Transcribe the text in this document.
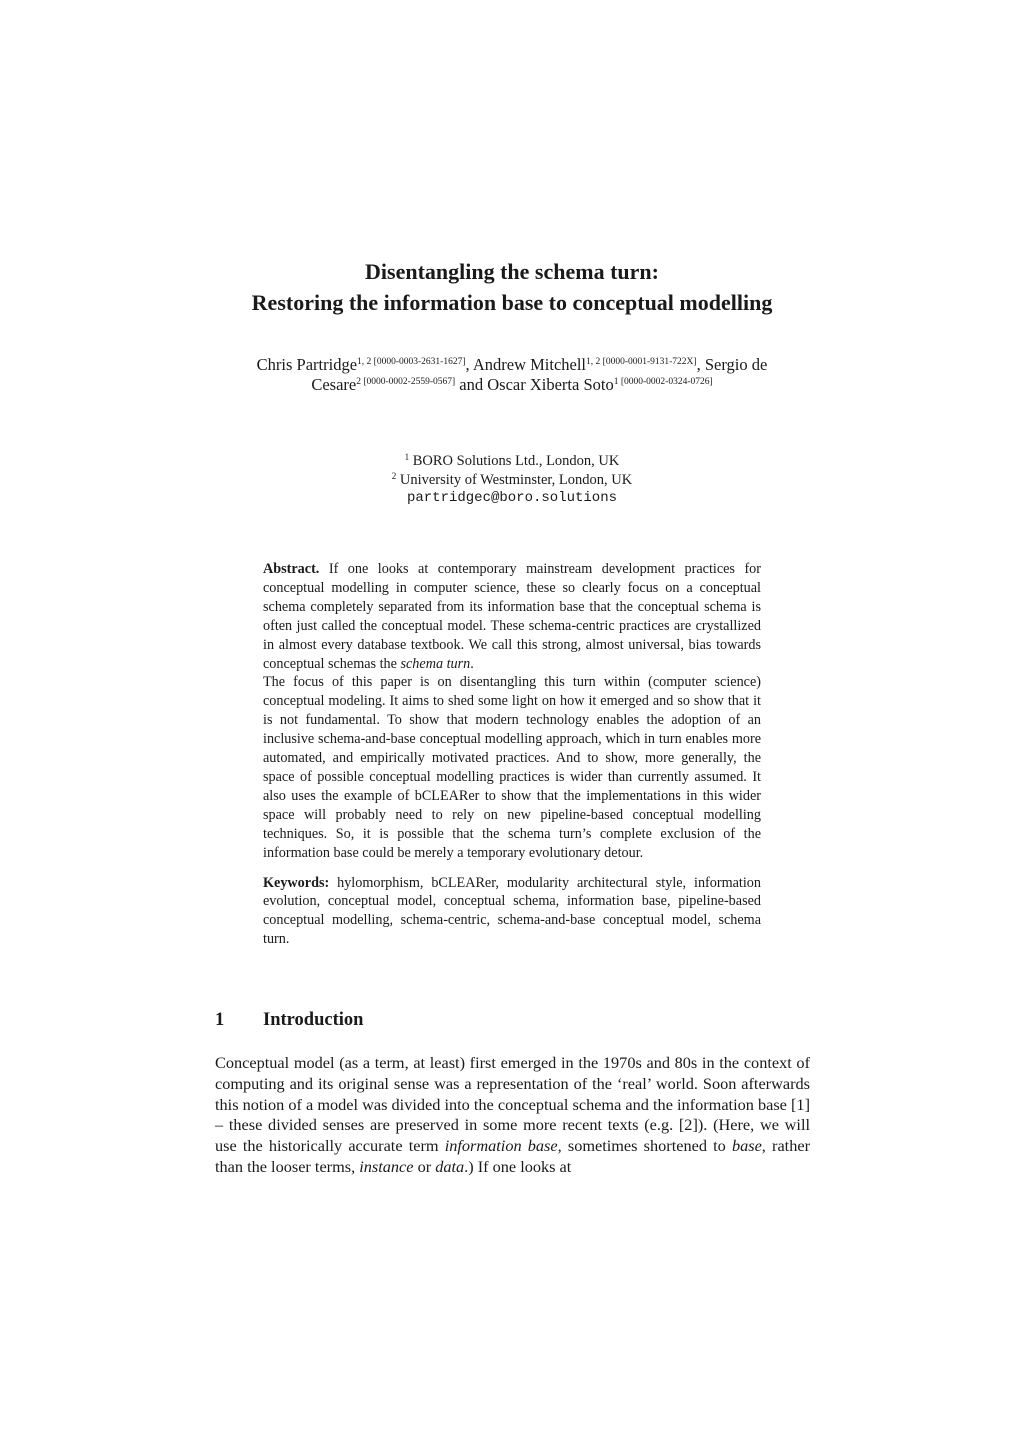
Disentangling the schema turn:
Restoring the information base to conceptual modelling
Chris Partridge$^{1, 2 [0000-0003-2631-1627]}$, Andrew Mitchell$^{1, 2 [0000-0001-9131-722X]}$, Sergio de
Cesare$^{2 [0000-0002-2559-0567]}$ and Oscar Xiberta Soto$^{1 [0000-0002-0324-0726]}$
$^1$ BORO Solutions Ltd., London, UK
$^2$ University of Westminster, London, UK
partridgec@boro.solutions

Abstract. If one looks at contemporary mainstream development practices for conceptual modelling in computer science, these so clearly focus on a conceptual schema completely separated from its information base that the conceptual schema is often just called the conceptual model. These schema-centric practices are crystallized in almost every database textbook. We call this strong, almost universal, bias towards conceptual schemas the schema turn.

The focus of this paper is on disentangling this turn within (computer science) conceptual modeling. It aims to shed some light on how it emerged and so show that it is not fundamental. To show that modern technology enables the adoption of an inclusive schema-and-base conceptual modelling approach, which in turn enables more automated, and empirically motivated practices. And to show, more generally, the space of possible conceptual modelling practices is wider than currently assumed. It also uses the example of bCLEARer to show that the implementations in this wider space will probably need to rely on new pipeline-based conceptual modelling techniques. So, it is possible that the schema turn’s complete exclusion of the information base could be merely a temporary evolutionary detour.

Keywords: hylomorphism, bCLEARer, modularity architectural style, information evolution, conceptual model, conceptual schema, information base, pipeline-based conceptual modelling, schema-centric, schema-and-base conceptual model, schema turn.

1 Introduction

Conceptual model (as a term, at least) first emerged in the 1970s and 80s in the context of computing and its original sense was a representation of the ‘real’ world. Soon afterwards this notion of a model was divided into the conceptual schema and the information base [1] – these divided senses are preserved in some more recent texts (e.g. [2]). (Here, we will use the historically accurate term information base, sometimes shortened to base, rather than the looser terms, instance or data.) If one looks at
